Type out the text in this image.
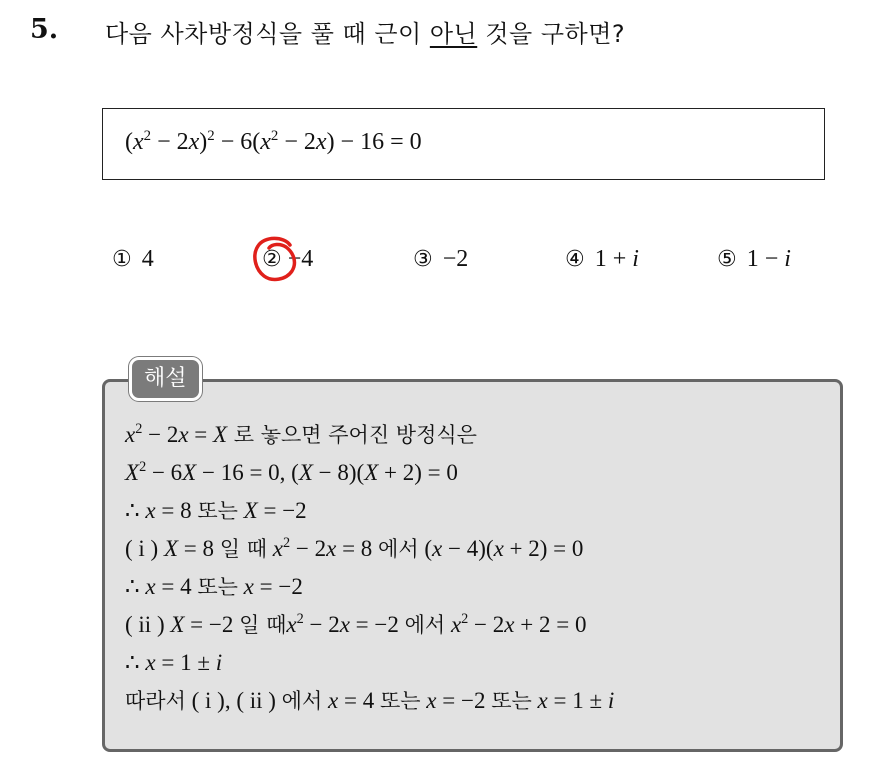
5. 다음 사차방정식을 풀 때 근이 아닌 것을 구하면?
$(x^2 - 2x)^2 - 6(x^2 - 2x) - 16 = 0$
① 4	② −4	③ −2	④ 1 + i	⑤ 1 − i
해설
$x^2 - 2x = X$ 로 놓으면 주어진 방정식은
$X^2 - 6X - 16 = 0$, (X − 8)(X + 2) = 0
∴ x = 8 또는 X = −2
( i ) X = 8 일 때 $x^2 - 2x = 8$ 에서 (x − 4)(x + 2) = 0
∴ x = 4 또는 x = −2
( ii ) X = −2 일 때$x^2 - 2x = -2$ 에서 $x^2 - 2x + 2 = 0$
∴ x = 1 ± i
따라서 ( i ), ( ii ) 에서 x = 4 또는 x = −2 또는 x = 1 ± i
